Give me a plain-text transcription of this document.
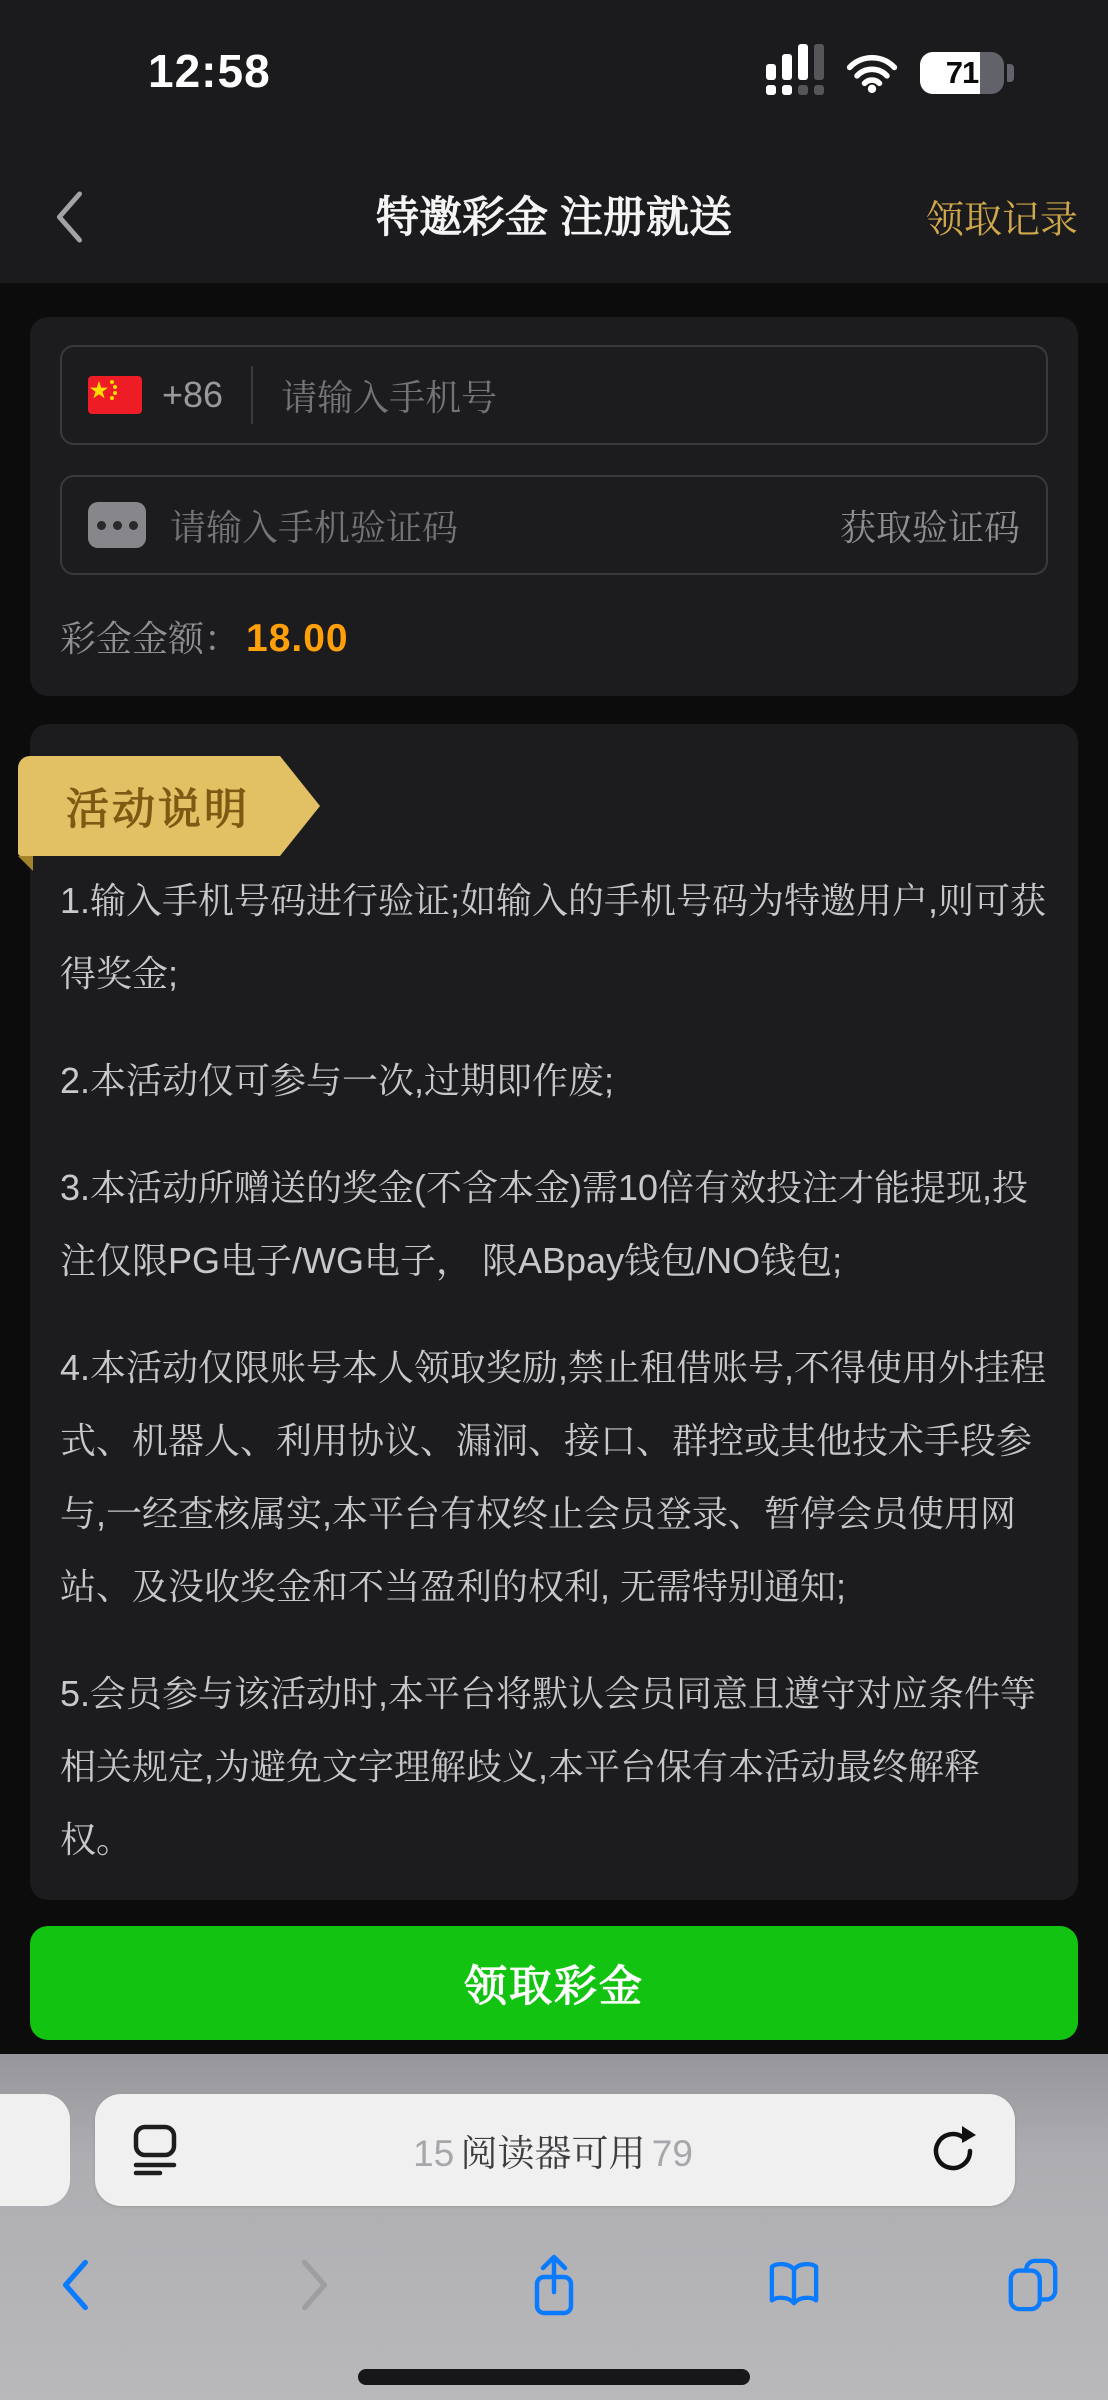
12:58	71
特邀彩金 注册就送	领取记录
+86 请输入手机号
请输入手机验证码	获取验证码
彩金金额： 18.00
活动说明

1.输入手机号码进行验证;如输入的手机号码为特邀用户,则可获得奖金;

2.本活动仅可参与一次,过期即作废;

3.本活动所赠送的奖金(不含本金)需10倍有效投注才能提现,投注仅限PG电子/WG电子， 限ABpay钱包/NO钱包;

4.本活动仅限账号本人领取奖励,禁止租借账号,不得使用外挂程式、机器人、利用协议、漏洞、接口、群控或其他技术手段参与,一经查核属实,本平台有权终止会员登录、暂停会员使用网站、及没收奖金和不当盈利的权利, 无需特别通知;

5.会员参与该活动时,本平台将默认会员同意且遵守对应条件等相关规定,为避免文字理解歧义,本平台保有本活动最终解释权。

领取彩金
15 阅读器可用 79
